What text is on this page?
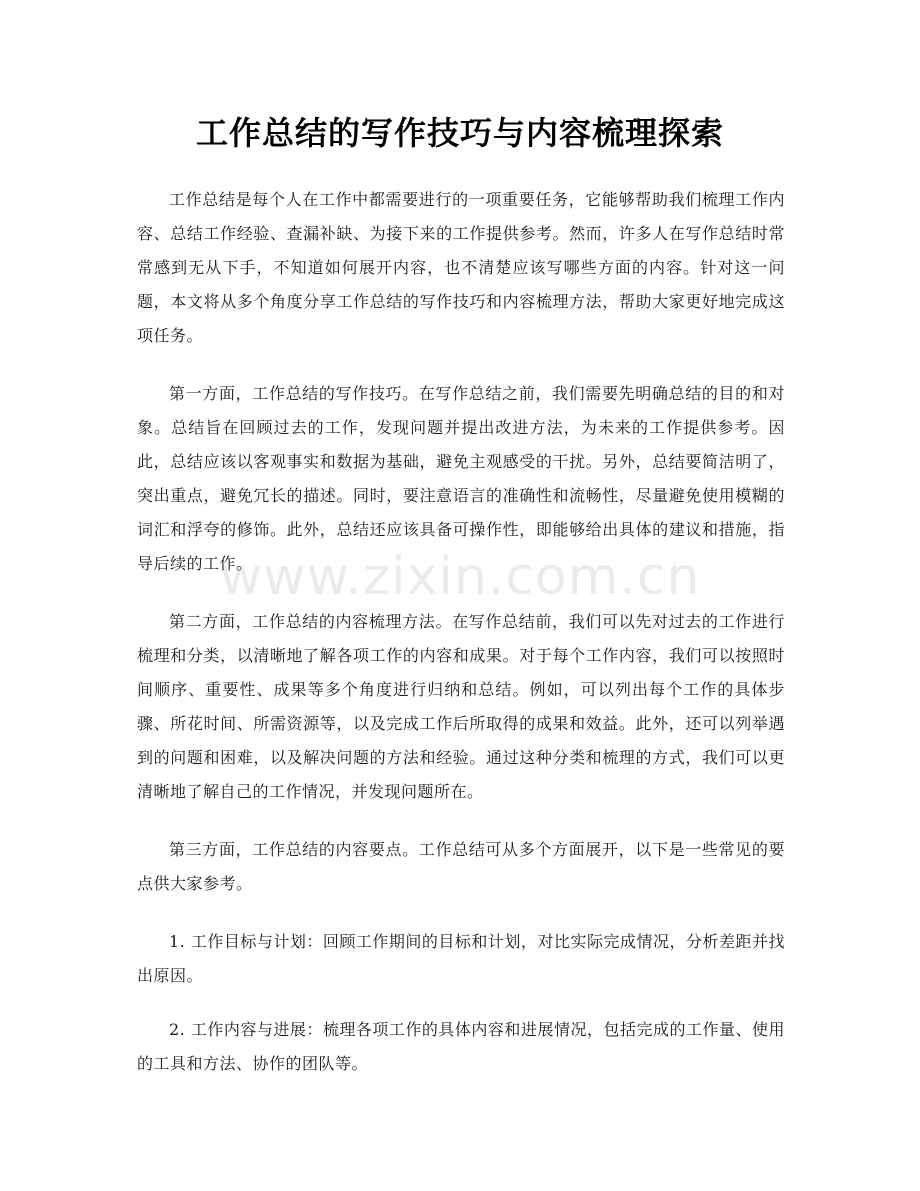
工作总结的写作技巧与内容梳理探索

工作总结是每个人在工作中都需要进行的一项重要任务，它能够帮助我们梳理工作内容、总结工作经验、查漏补缺、为接下来的工作提供参考。然而，许多人在写作总结时常常感到无从下手，不知道如何展开内容，也不清楚应该写哪些方面的内容。针对这一问题，本文将从多个角度分享工作总结的写作技巧和内容梳理方法，帮助大家更好地完成这项任务。

第一方面，工作总结的写作技巧。在写作总结之前，我们需要先明确总结的目的和对象。总结旨在回顾过去的工作，发现问题并提出改进方法，为未来的工作提供参考。因此，总结应该以客观事实和数据为基础，避免主观感受的干扰。另外，总结要简洁明了，突出重点，避免冗长的描述。同时，要注意语言的准确性和流畅性，尽量避免使用模糊的词汇和浮夸的修饰。此外，总结还应该具备可操作性，即能够给出具体的建议和措施，指导后续的工作。

第二方面，工作总结的内容梳理方法。在写作总结前，我们可以先对过去的工作进行梳理和分类，以清晰地了解各项工作的内容和成果。对于每个工作内容，我们可以按照时间顺序、重要性、成果等多个角度进行归纳和总结。例如，可以列出每个工作的具体步骤、所花时间、所需资源等，以及完成工作后所取得的成果和效益。此外，还可以列举遇到的问题和困难，以及解决问题的方法和经验。通过这种分类和梳理的方式，我们可以更清晰地了解自己的工作情况，并发现问题所在。

第三方面，工作总结的内容要点。工作总结可从多个方面展开，以下是一些常见的要点供大家参考。

1. 工作目标与计划：回顾工作期间的目标和计划，对比实际完成情况，分析差距并找出原因。

2. 工作内容与进展：梳理各项工作的具体内容和进展情况，包括完成的工作量、使用的工具和方法、协作的团队等。

www.zixin.com.cn
